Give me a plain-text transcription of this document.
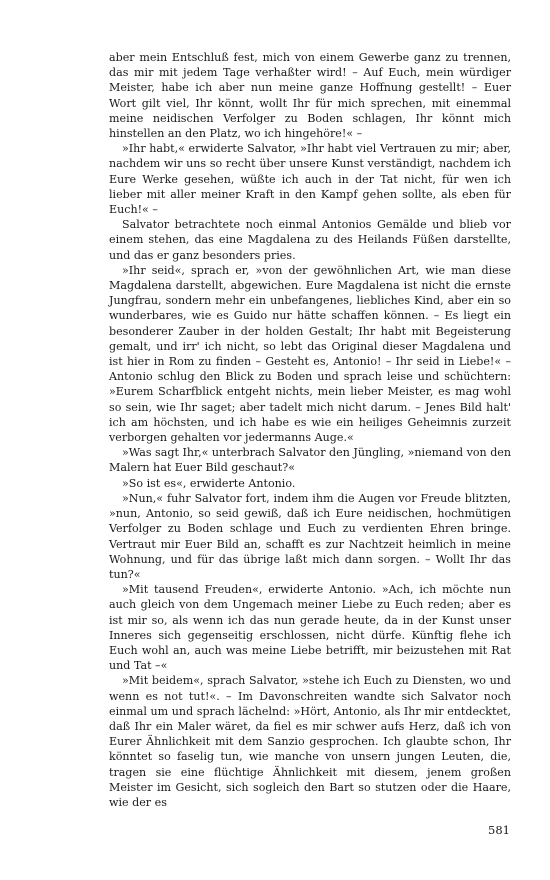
aber mein Entschluß fest, mich von einem Gewerbe ganz zu trennen, das mir mit jedem Tage verhaßter wird! – Auf Euch, mein würdiger Meister, habe ich aber nun meine ganze Hoffnung gestellt! – Euer Wort gilt viel, Ihr könnt, wollt Ihr für mich sprechen, mit einemmal meine neidischen Verfolger zu Boden schlagen, Ihr könnt mich hinstellen an den Platz, wo ich hingehöre!« –

»Ihr habt,« erwiderte Salvator, »Ihr habt viel Vertrauen zu mir; aber, nachdem wir uns so recht über unsere Kunst verständigt, nachdem ich Eure Werke gesehen, wüßte ich auch in der Tat nicht, für wen ich lieber mit aller meiner Kraft in den Kampf gehen sollte, als eben für Euch!« –

Salvator betrachtete noch einmal Antonios Gemälde und blieb vor einem stehen, das eine Magdalena zu des Heilands Füßen darstellte, und das er ganz besonders pries.

»Ihr seid«, sprach er, »von der gewöhnlichen Art, wie man diese Magdalena darstellt, abgewichen. Eure Magdalena ist nicht die ernste Jungfrau, sondern mehr ein unbefangenes, liebliches Kind, aber ein so wunderbares, wie es Guido nur hätte schaffen können. – Es liegt ein besonderer Zauber in der holden Gestalt; Ihr habt mit Begeisterung gemalt, und irr' ich nicht, so lebt das Original dieser Magdalena und ist hier in Rom zu finden – Gesteht es, Antonio! – Ihr seid in Liebe!« – Antonio schlug den Blick zu Boden und sprach leise und schüchtern: »Eurem Scharfblick entgeht nichts, mein lieber Meister, es mag wohl so sein, wie Ihr saget; aber tadelt mich nicht darum. – Jenes Bild halt' ich am höchsten, und ich habe es wie ein heiliges Geheimnis zurzeit verborgen gehalten vor jedermanns Auge.«

»Was sagt Ihr,« unterbrach Salvator den Jüngling, »niemand von den Malern hat Euer Bild geschaut?«

»So ist es«, erwiderte Antonio.

»Nun,« fuhr Salvator fort, indem ihm die Augen vor Freude blitzten, »nun, Antonio, so seid gewiß, daß ich Eure neidischen, hochmütigen Verfolger zu Boden schlage und Euch zu verdienten Ehren bringe. Vertraut mir Euer Bild an, schafft es zur Nachtzeit heimlich in meine Wohnung, und für das übrige laßt mich dann sorgen. – Wollt Ihr das tun?«

»Mit tausend Freuden«, erwiderte Antonio. »Ach, ich möchte nun auch gleich von dem Ungemach meiner Liebe zu Euch reden; aber es ist mir so, als wenn ich das nun gerade heute, da in der Kunst unser Inneres sich gegenseitig erschlossen, nicht dürfe. Künftig flehe ich Euch wohl an, auch was meine Liebe betrifft, mir beizustehen mit Rat und Tat –«

»Mit beidem«, sprach Salvator, »stehe ich Euch zu Diensten, wo und wenn es not tut!«. – Im Davonschreiten wandte sich Salvator noch einmal um und sprach lächelnd: »Hört, Antonio, als Ihr mir entdecktet, daß Ihr ein Maler wäret, da fiel es mir schwer aufs Herz, daß ich von Eurer Ähnlichkeit mit dem Sanzio gesprochen. Ich glaubte schon, Ihr könntet so faselig tun, wie manche von unsern jungen Leuten, die, tragen sie eine flüchtige Ähnlichkeit mit diesem, jenem großen Meister im Gesicht, sich sogleich den Bart so stutzen oder die Haare, wie der es

581
